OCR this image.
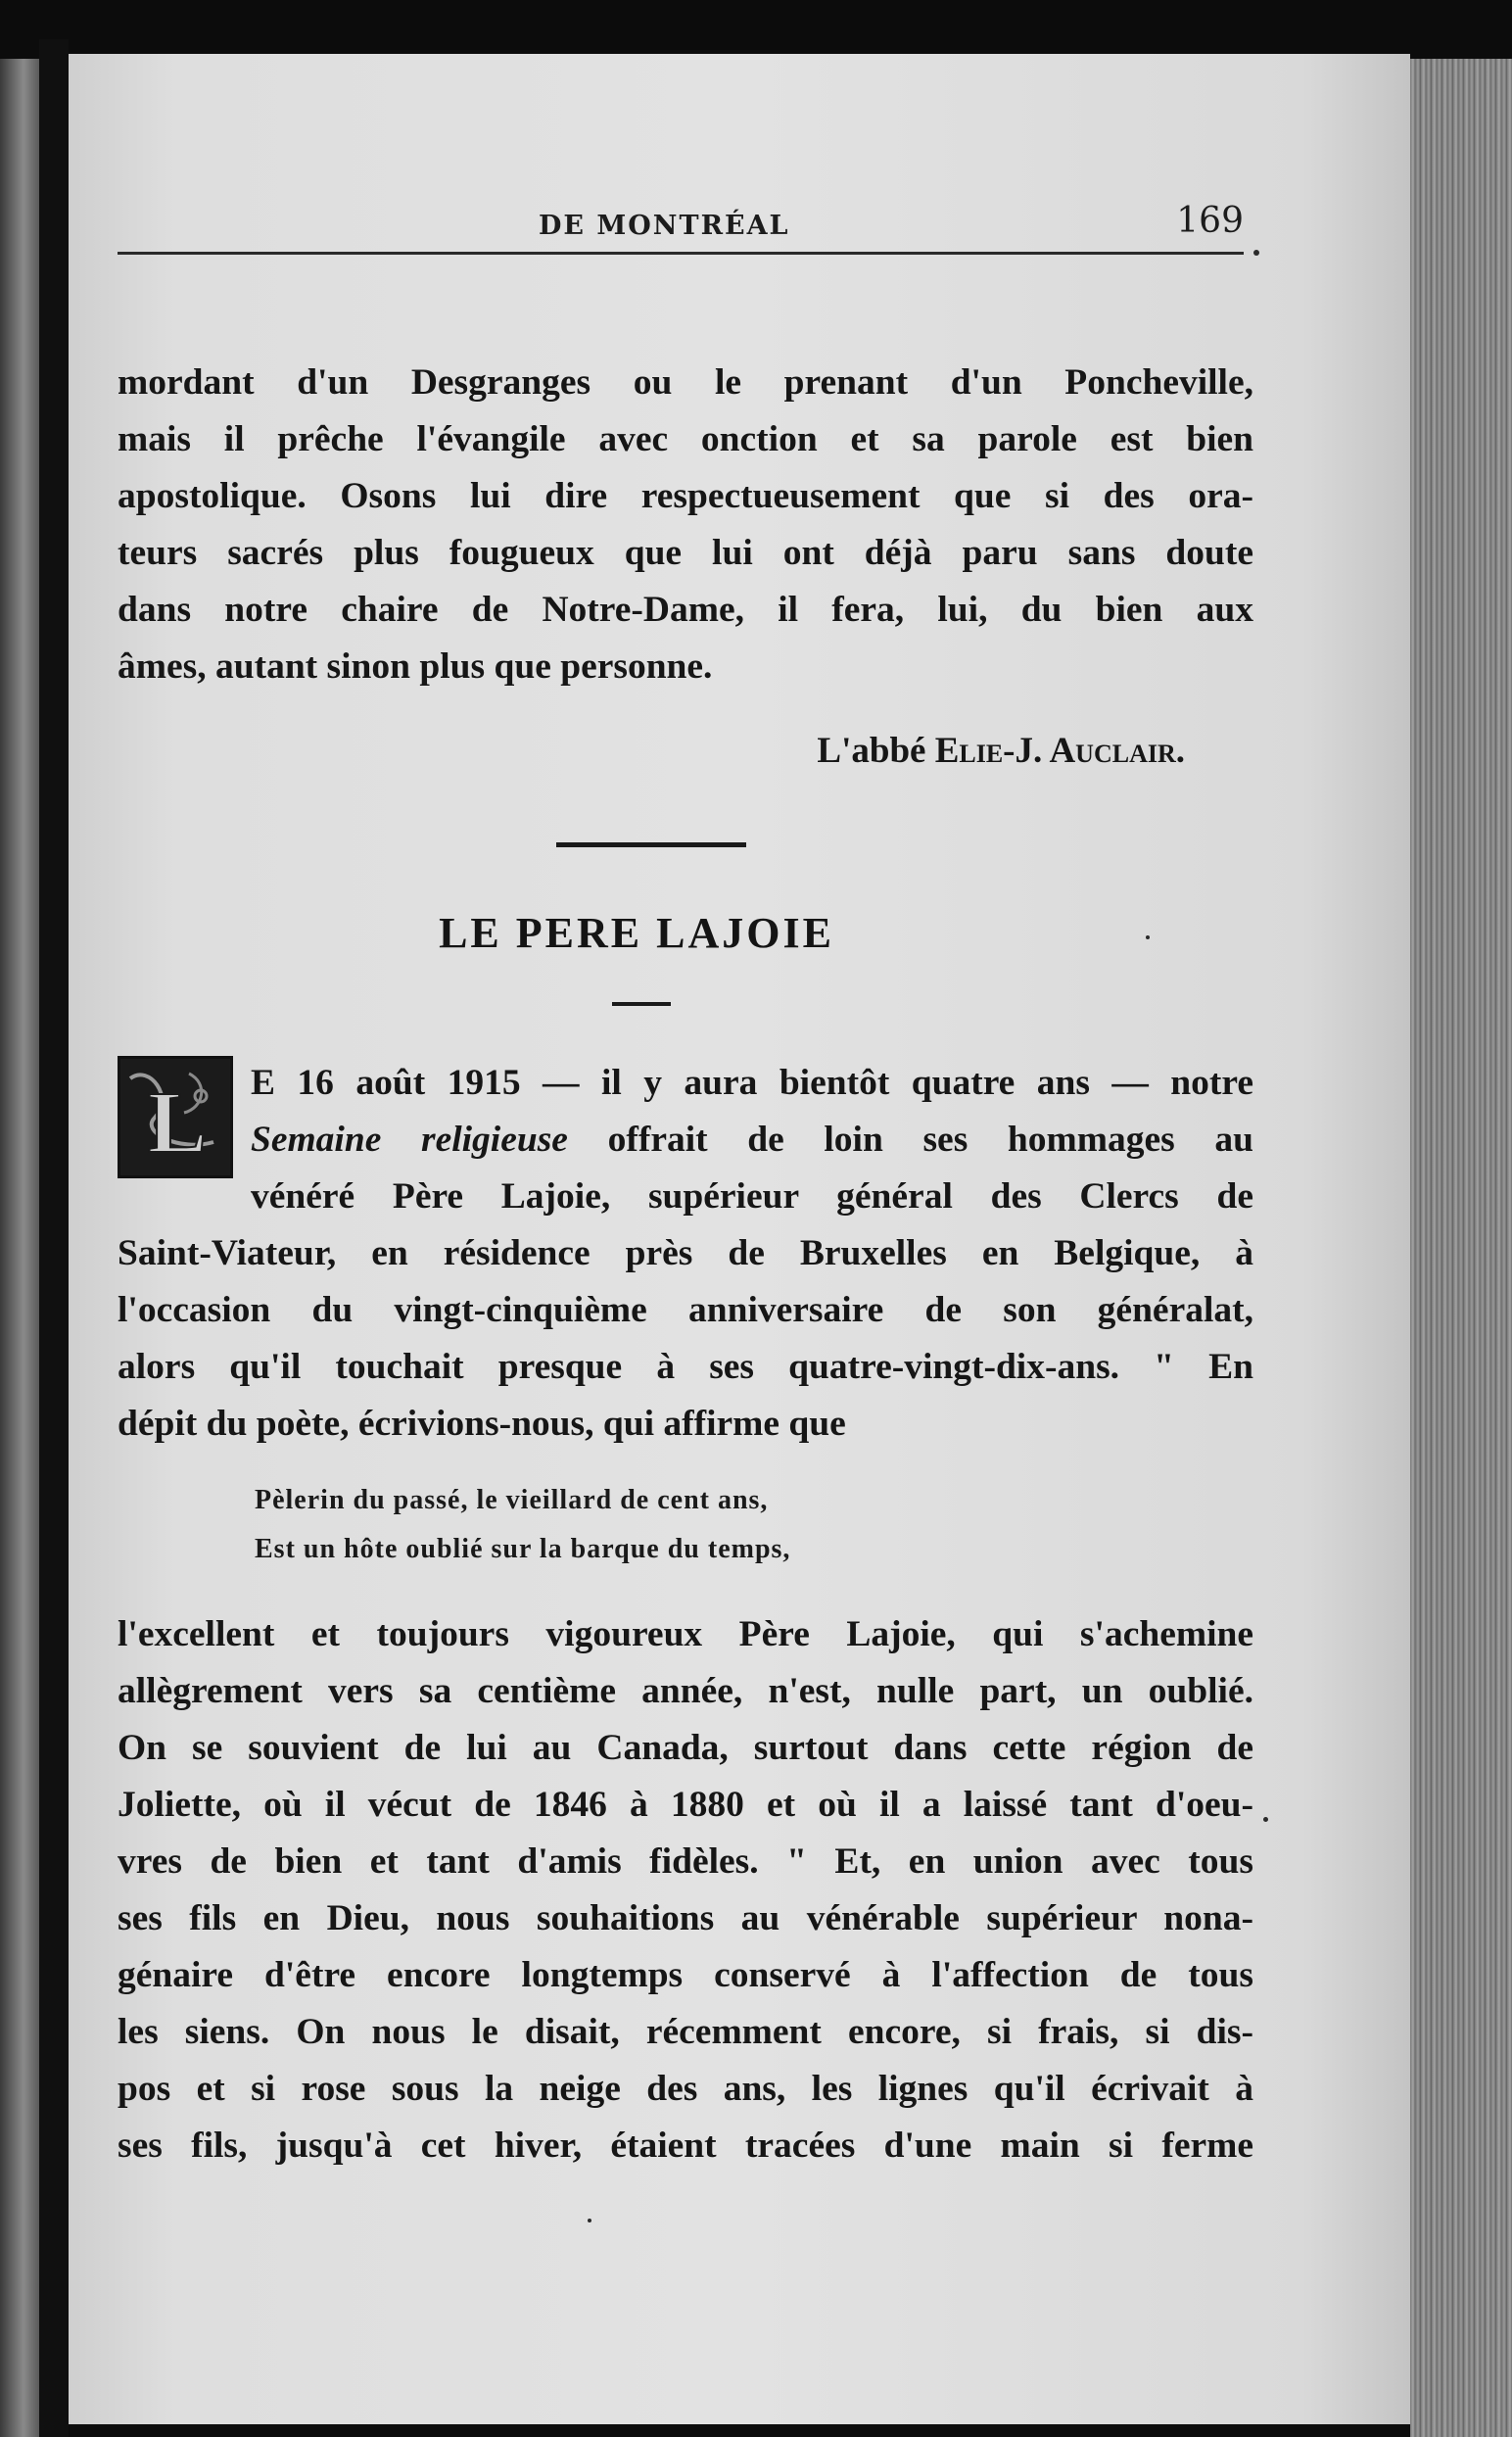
DE MONTRÉAL	169
mordant d'un Desgranges ou le prenant d'un Poncheville,
mais il prêche l'évangile avec onction et sa parole est bien
apostolique. Osons lui dire respectueusement que si des ora-
teurs sacrés plus fougueux que lui ont déjà paru sans doute
dans notre chaire de Notre-Dame, il fera, lui, du bien aux
âmes, autant sinon plus que personne.
L'abbé Elie-J. Auclair.
LE PERE LAJOIE
L	E 16 août 1915 — il y aura bientôt quatre ans — notre
Semaine religieuse offrait de loin ses hommages au
vénéré Père Lajoie, supérieur général des Clercs de
Saint-Viateur, en résidence près de Bruxelles en Belgique, à
l'occasion du vingt-cinquième anniversaire de son généralat,
alors qu'il touchait presque à ses quatre-vingt-dix-ans. " En
dépit du poète, écrivions-nous, qui affirme que
Pèlerin du passé, le vieillard de cent ans,
Est un hôte oublié sur la barque du temps,
l'excellent et toujours vigoureux Père Lajoie, qui s'achemine
allègrement vers sa centième année, n'est, nulle part, un oublié.
On se souvient de lui au Canada, surtout dans cette région de
Joliette, où il vécut de 1846 à 1880 et où il a laissé tant d'oeu-
vres de bien et tant d'amis fidèles. " Et, en union avec tous
ses fils en Dieu, nous souhaitions au vénérable supérieur nona-
génaire d'être encore longtemps conservé à l'affection de tous
les siens. On nous le disait, récemment encore, si frais, si dis-
pos et si rose sous la neige des ans, les lignes qu'il écrivait à
ses fils, jusqu'à cet hiver, étaient tracées d'une main si ferme
